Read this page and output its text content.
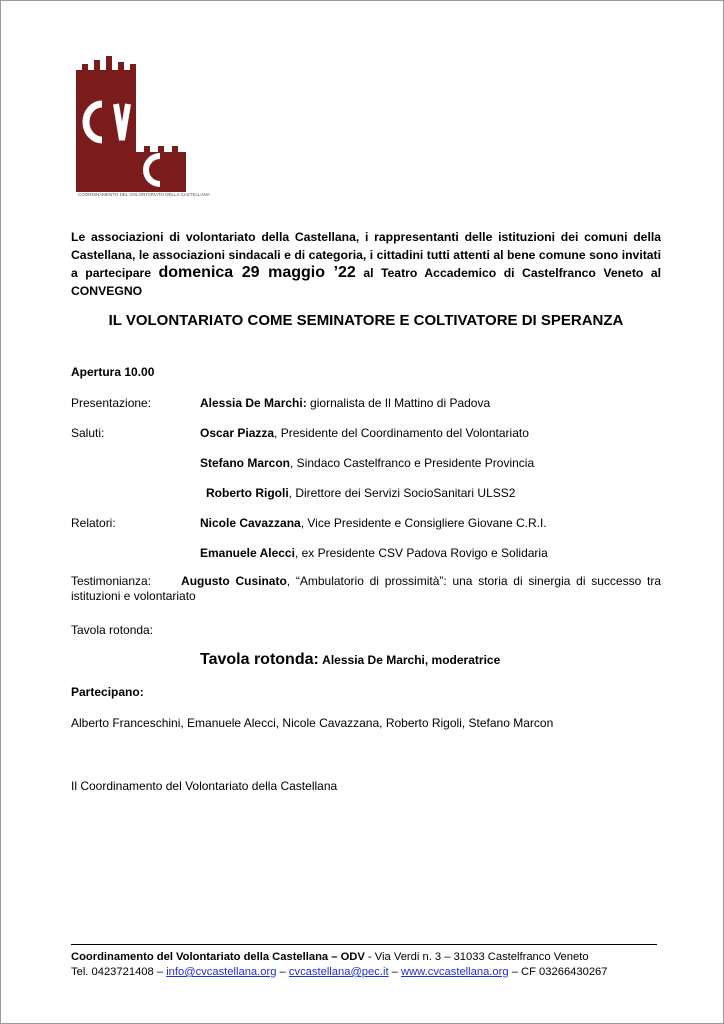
COORDINAMENTO DEL VOLONTARIATO DELLA CASTELLANA
Le associazioni di volontariato della Castellana, i rappresentanti delle istituzioni dei comuni della Castellana, le associazioni sindacali e di categoria, i cittadini tutti attenti al bene comune sono invitati a partecipare domenica 29 maggio ’22 al Teatro Accademico di Castelfranco Veneto al CONVEGNO
IL VOLONTARIATO COME SEMINATORE E COLTIVATORE DI SPERANZA
Apertura 10.00
Presentazione:	Alessia De Marchi: giornalista de Il Mattino di Padova
Saluti:	Oscar Piazza, Presidente del Coordinamento del Volontariato
Stefano Marcon, Sindaco Castelfranco e Presidente Provincia
Roberto Rigoli, Direttore dei Servizi SocioSanitari ULSS2
Relatori:	Nicole Cavazzana, Vice Presidente e Consigliere Giovane C.R.I.
Emanuele Alecci, ex Presidente CSV Padova Rovigo e Solidaria
Testimonianza:	Augusto Cusinato, “Ambulatorio di prossimità”: una storia di sinergia di successo tra istituzioni e volontariato
Tavola rotonda:
Tavola rotonda: Alessia De Marchi, moderatrice
Partecipano:
Alberto Franceschini, Emanuele Alecci, Nicole Cavazzana, Roberto Rigoli, Stefano Marcon
Il Coordinamento del Volontariato della Castellana
Coordinamento del Volontariato della Castellana – ODV - Via Verdi n. 3 – 31033 Castelfranco Veneto
Tel. 0423721408 – info@cvcastellana.org – cvcastellana@pec.it – www.cvcastellana.org – CF 03266430267
